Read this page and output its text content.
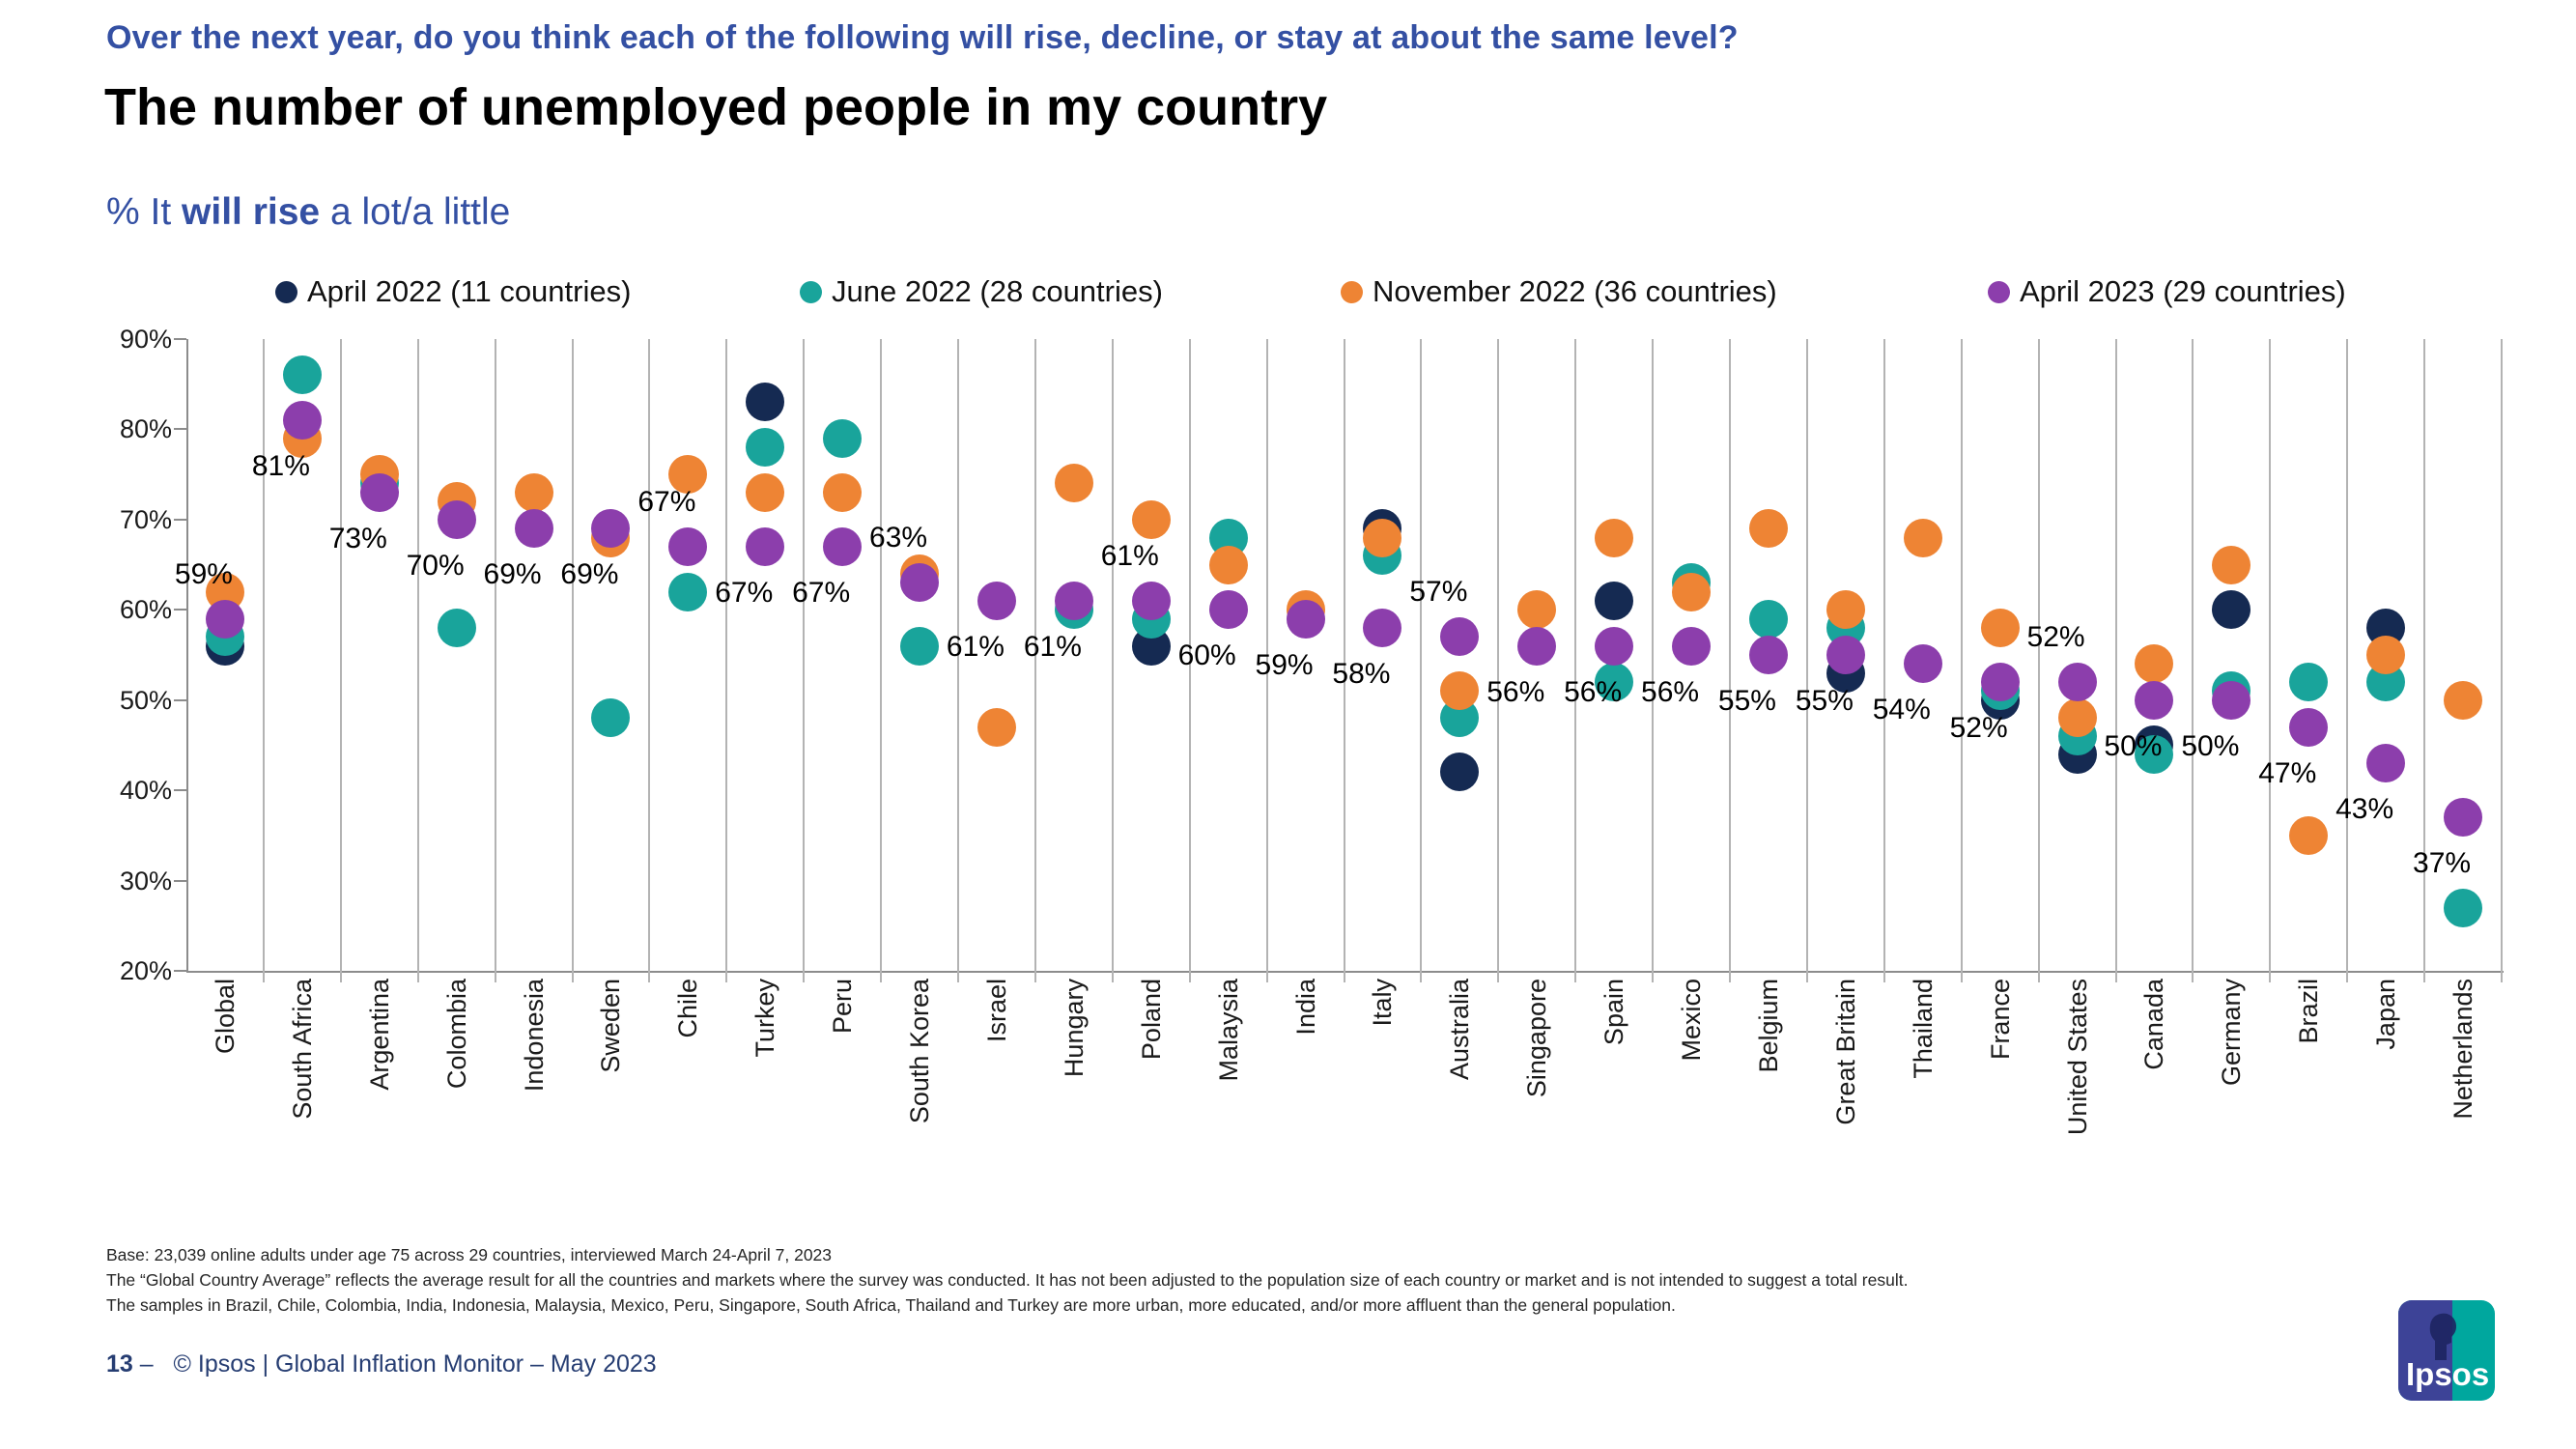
Over the next year, do you think each of the following will rise, decline, or stay at about the same level?
The number of unemployed people in my country
% It will rise a lot/a little
April 2022 (11 countries)	June 2022 (28 countries)	November 2022 (36 countries)	April 2023 (29 countries)
90%
80%
70%
60%
50%
40%
30%
20%
59%
Global
81%
South Africa
73%
Argentina
70%
Colombia
69%
Indonesia
69%
Sweden
67%
Chile
67%
Turkey
67%
Peru
63%
South Korea
61%
Israel
61%
Hungary
61%
Poland
60%
Malaysia
59%
India
58%
Italy
57%
Australia
56%
Singapore
56%
Spain
56%
Mexico
55%
Belgium
55%
Great Britain
54%
Thailand
52%
France
52%
United States
50%
Canada
50%
Germany
47%
Brazil
43%
Japan
37%
Netherlands
Base: 23,039 online adults under age 75 across 29 countries, interviewed March 24-April 7, 2023
The “Global Country Average” reflects the average result for all the countries and markets where the survey was conducted. It has not been adjusted to the population size of each country or market and is not intended to suggest a total result.
The samples in Brazil, Chile, Colombia, India, Indonesia, Malaysia, Mexico, Peru, Singapore, South Africa, Thailand and Turkey are more urban, more educated, and/or more affluent than the general population.
13 – © Ipsos | Global Inflation Monitor – May 2023	Ipsos
